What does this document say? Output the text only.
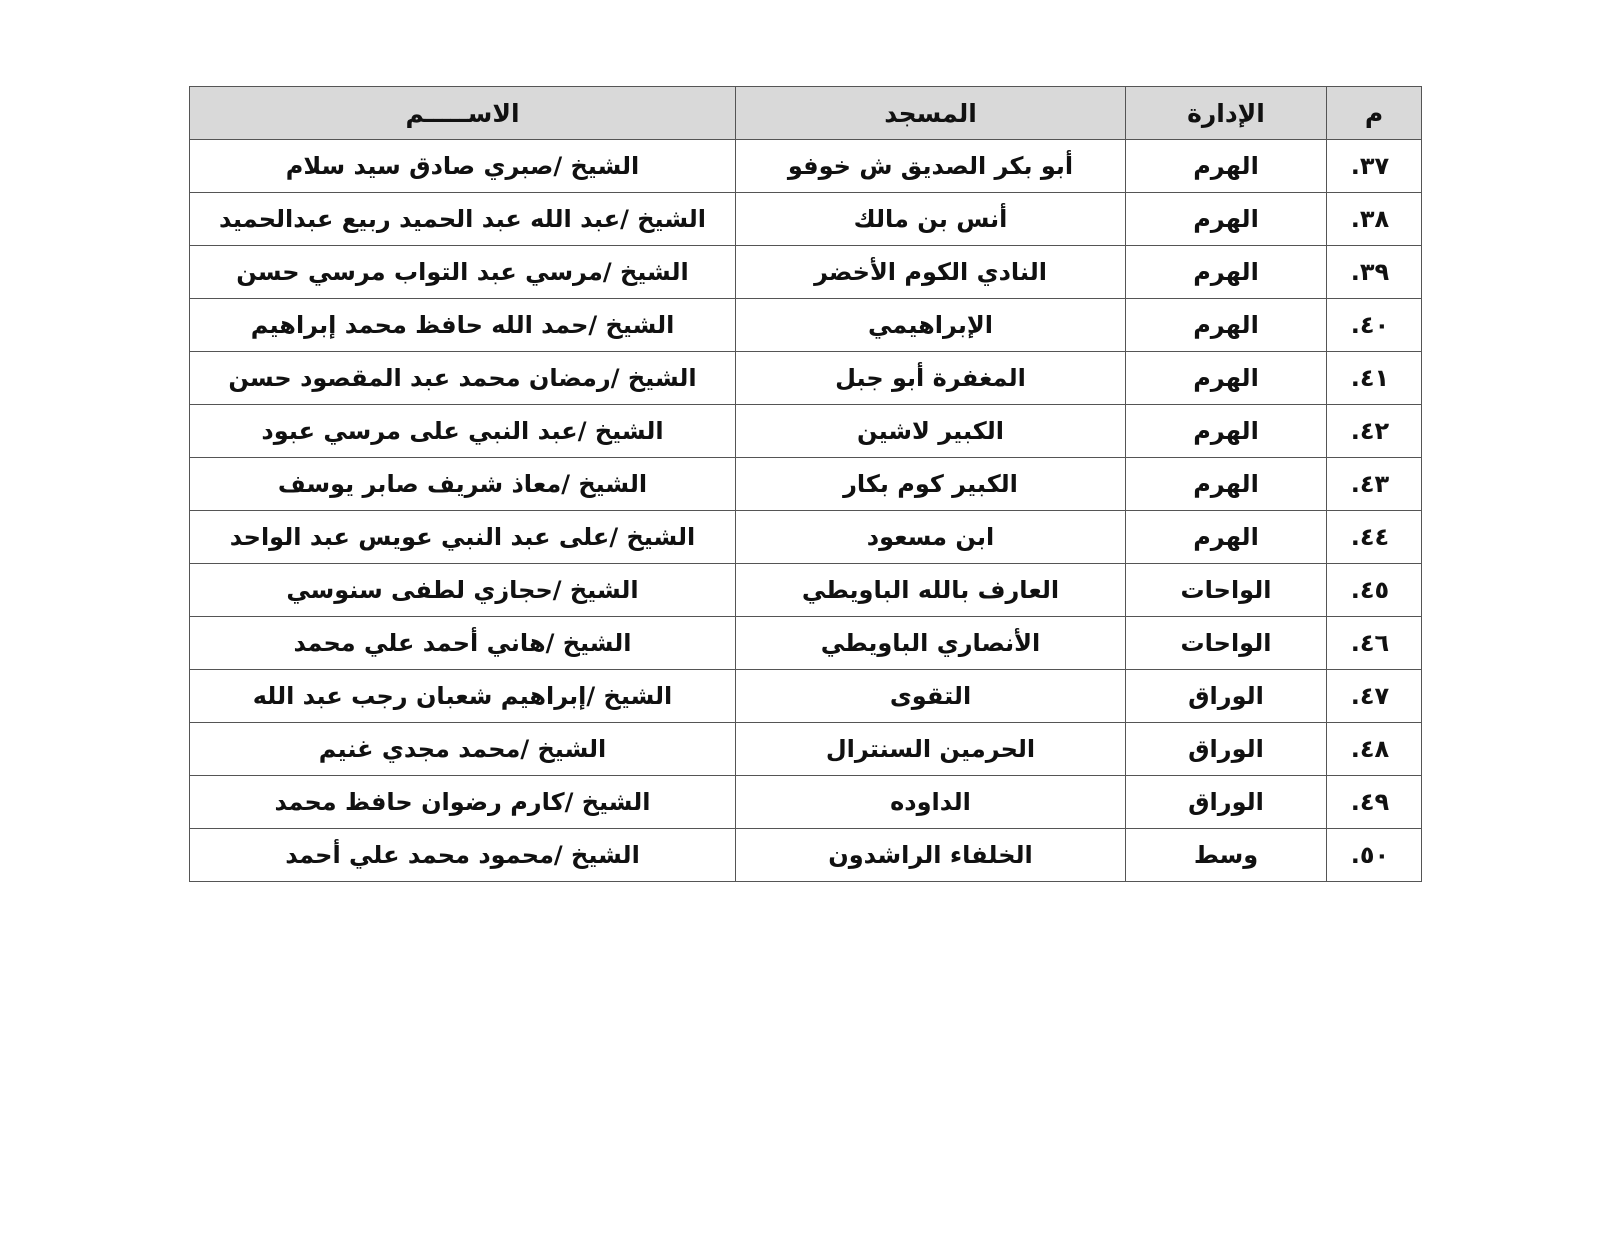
م	الإدارة	المسجد	الاســـــم
٣٧.	الهرم	أبو بكر الصديق ش خوفو	الشيخ /صبري صادق سيد سلام
٣٨.	الهرم	أنس بن مالك	الشيخ /عبد الله عبد الحميد ربيع عبدالحميد
٣٩.	الهرم	النادي الكوم الأخضر	الشيخ /مرسي عبد التواب مرسي حسن
٤٠.	الهرم	الإبراهيمي	الشيخ /حمد الله حافظ محمد إبراهيم
٤١.	الهرم	المغفرة أبو جبل	الشيخ /رمضان محمد عبد المقصود حسن
٤٢.	الهرم	الكبير لاشين	الشيخ /عبد النبي على مرسي عبود
٤٣.	الهرم	الكبير كوم بكار	الشيخ /معاذ شريف صابر يوسف
٤٤.	الهرم	ابن مسعود	الشيخ /على عبد النبي عويس عبد الواحد
٤٥.	الواحات	العارف بالله الباويطي	الشيخ /حجازي لطفى سنوسي
٤٦.	الواحات	الأنصاري الباويطي	الشيخ /هاني أحمد علي محمد
٤٧.	الوراق	التقوى	الشيخ /إبراهيم شعبان رجب عبد الله
٤٨.	الوراق	الحرمين السنترال	الشيخ /محمد مجدي غنيم
٤٩.	الوراق	الداوده	الشيخ /كارم رضوان حافظ محمد
٥٠.	وسط	الخلفاء الراشدون	الشيخ /محمود محمد علي أحمد
